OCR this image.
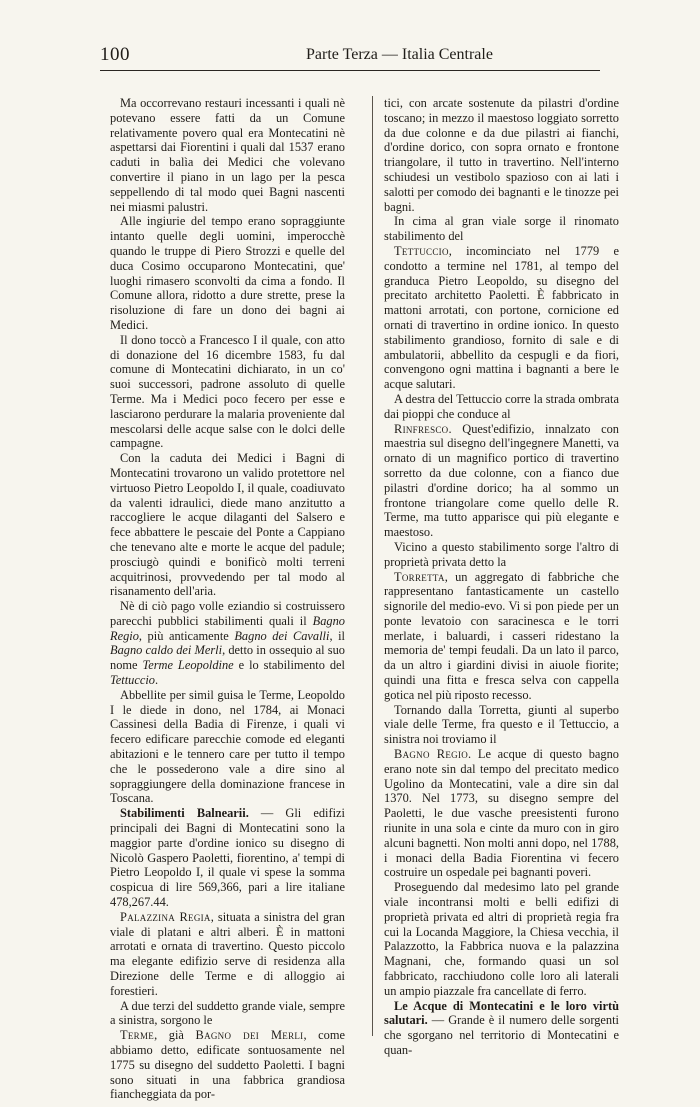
100	Parte Terza — Italia Centrale

Ma occorrevano restauri incessanti i quali nè potevano essere fatti da un Comune relativamente povero qual era Montecatini nè aspettarsi dai Fiorentini i quali dal 1537 erano caduti in balìa dei Medici che volevano convertire il piano in un lago per la pesca seppellendo di tal modo quei Bagni nascenti nei miasmi palustri.

Alle ingiurie del tempo erano sopraggiunte intanto quelle degli uomini, imperocchè quando le truppe di Piero Strozzi e quelle del duca Cosimo occuparono Montecatini, que' luoghi rimasero sconvolti da cima a fondo. Il Comune allora, ridotto a dure strette, prese la risoluzione di fare un dono dei bagni ai Medici.

Il dono toccò a Francesco I il quale, con atto di donazione del 16 dicembre 1583, fu dal comune di Montecatini dichiarato, in un co' suoi successori, padrone assoluto di quelle Terme. Ma i Medici poco fecero per esse e lasciarono perdurare la malaria proveniente dal mescolarsi delle acque salse con le dolci delle campagne.

Con la caduta dei Medici i Bagni di Montecatini trovarono un valido protettore nel virtuoso Pietro Leopoldo I, il quale, coadiuvato da valenti idraulici, diede mano anzitutto a raccogliere le acque dilaganti del Salsero e fece abbattere le pescaie del Ponte a Cappiano che tenevano alte e morte le acque del padule; prosciugò quindi e bonificò molti terreni acquitrinosi, provvedendo per tal modo al risanamento dell'aria.

Nè di ciò pago volle eziandio si costruissero parecchi pubblici stabilimenti quali il Bagno Regio, più anticamente Bagno dei Cavalli, il Bagno caldo dei Merli, detto in ossequio al suo nome Terme Leopoldine e lo stabilimento del Tettuccio.

Abbellite per simil guisa le Terme, Leopoldo I le diede in dono, nel 1784, ai Monaci Cassinesi della Badia di Firenze, i quali vi fecero edificare parecchie comode ed eleganti abitazioni e le tennero care per tutto il tempo che le possederono vale a dire sino al sopraggiungere della dominazione francese in Toscana.

Stabilimenti Balnearii. — Gli edifizi principali dei Bagni di Montecatini sono la maggior parte d'ordine ionico su disegno di Nicolò Gaspero Paoletti, fiorentino, a' tempi di Pietro Leopoldo I, il quale vi spese la somma cospicua di lire 569,366, pari a lire italiane 478,267.44.

Palazzina Regia, situata a sinistra del gran viale di platani e altri alberi. È in mattoni arrotati e ornata di travertino. Questo piccolo ma elegante edifizio serve di residenza alla Direzione delle Terme e di alloggio ai forestieri.

A due terzi del suddetto grande viale, sempre a sinistra, sorgono le

Terme, già Bagno dei Merli, come abbiamo detto, edificate sontuosamente nel 1775 su disegno del suddetto Paoletti. I bagni sono situati in una fabbrica grandiosa fiancheggiata da por-

tici, con arcate sostenute da pilastri d'ordine toscano; in mezzo il maestoso loggiato sorretto da due colonne e da due pilastri ai fianchi, d'ordine dorico, con sopra ornato e frontone triangolare, il tutto in travertino. Nell'interno schiudesi un vestibolo spazioso con ai lati i salotti per comodo dei bagnanti e le tinozze pei bagni.

In cima al gran viale sorge il rinomato stabilimento del

Tettuccio, incominciato nel 1779 e condotto a termine nel 1781, al tempo del granduca Pietro Leopoldo, su disegno del precitato architetto Paoletti. È fabbricato in mattoni arrotati, con portone, cornicione ed ornati di travertino in ordine ionico. In questo stabilimento grandioso, fornito di sale e di ambulatorii, abbellito da cespugli e da fiori, convengono ogni mattina i bagnanti a bere le acque salutari.

A destra del Tettuccio corre la strada ombrata dai pioppi che conduce al

Rinfresco. Quest'edifizio, innalzato con maestria sul disegno dell'ingegnere Manetti, va ornato di un magnifico portico di travertino sorretto da due colonne, con a fianco due pilastri d'ordine dorico; ha al sommo un frontone triangolare come quello delle R. Terme, ma tutto apparisce qui più elegante e maestoso.

Vicino a questo stabilimento sorge l'altro di proprietà privata detto la

Torretta, un aggregato di fabbriche che rappresentano fantasticamente un castello signorile del medio-evo. Vi si pon piede per un ponte levatoio con saracinesca e le torri merlate, i baluardi, i casseri ridestano la memoria de' tempi feudali. Da un lato il parco, da un altro i giardini divisi in aiuole fiorite; quindi una fitta e fresca selva con cappella gotica nel più riposto recesso.

Tornando dalla Torretta, giunti al superbo viale delle Terme, fra questo e il Tettuccio, a sinistra noi troviamo il

Bagno Regio. Le acque di questo bagno erano note sin dal tempo del precitato medico Ugolino da Montecatini, vale a dire sin dal 1370. Nel 1773, su disegno sempre del Paoletti, le due vasche preesistenti furono riunite in una sola e cinte da muro con in giro alcuni bagnetti. Non molti anni dopo, nel 1788, i monaci della Badia Fiorentina vi fecero costruire un ospedale pei bagnanti poveri.

Proseguendo dal medesimo lato pel grande viale incontransi molti e belli edifizi di proprietà privata ed altri di proprietà regia fra cui la Locanda Maggiore, la Chiesa vecchia, il Palazzotto, la Fabbrica nuova e la palazzina Magnani, che, formando quasi un sol fabbricato, racchiudono colle loro ali laterali un ampio piazzale fra cancellate di ferro.

Le Acque di Montecatini e le loro virtù salutari. — Grande è il numero delle sorgenti che sgorgano nel territorio di Montecatini e quan-
